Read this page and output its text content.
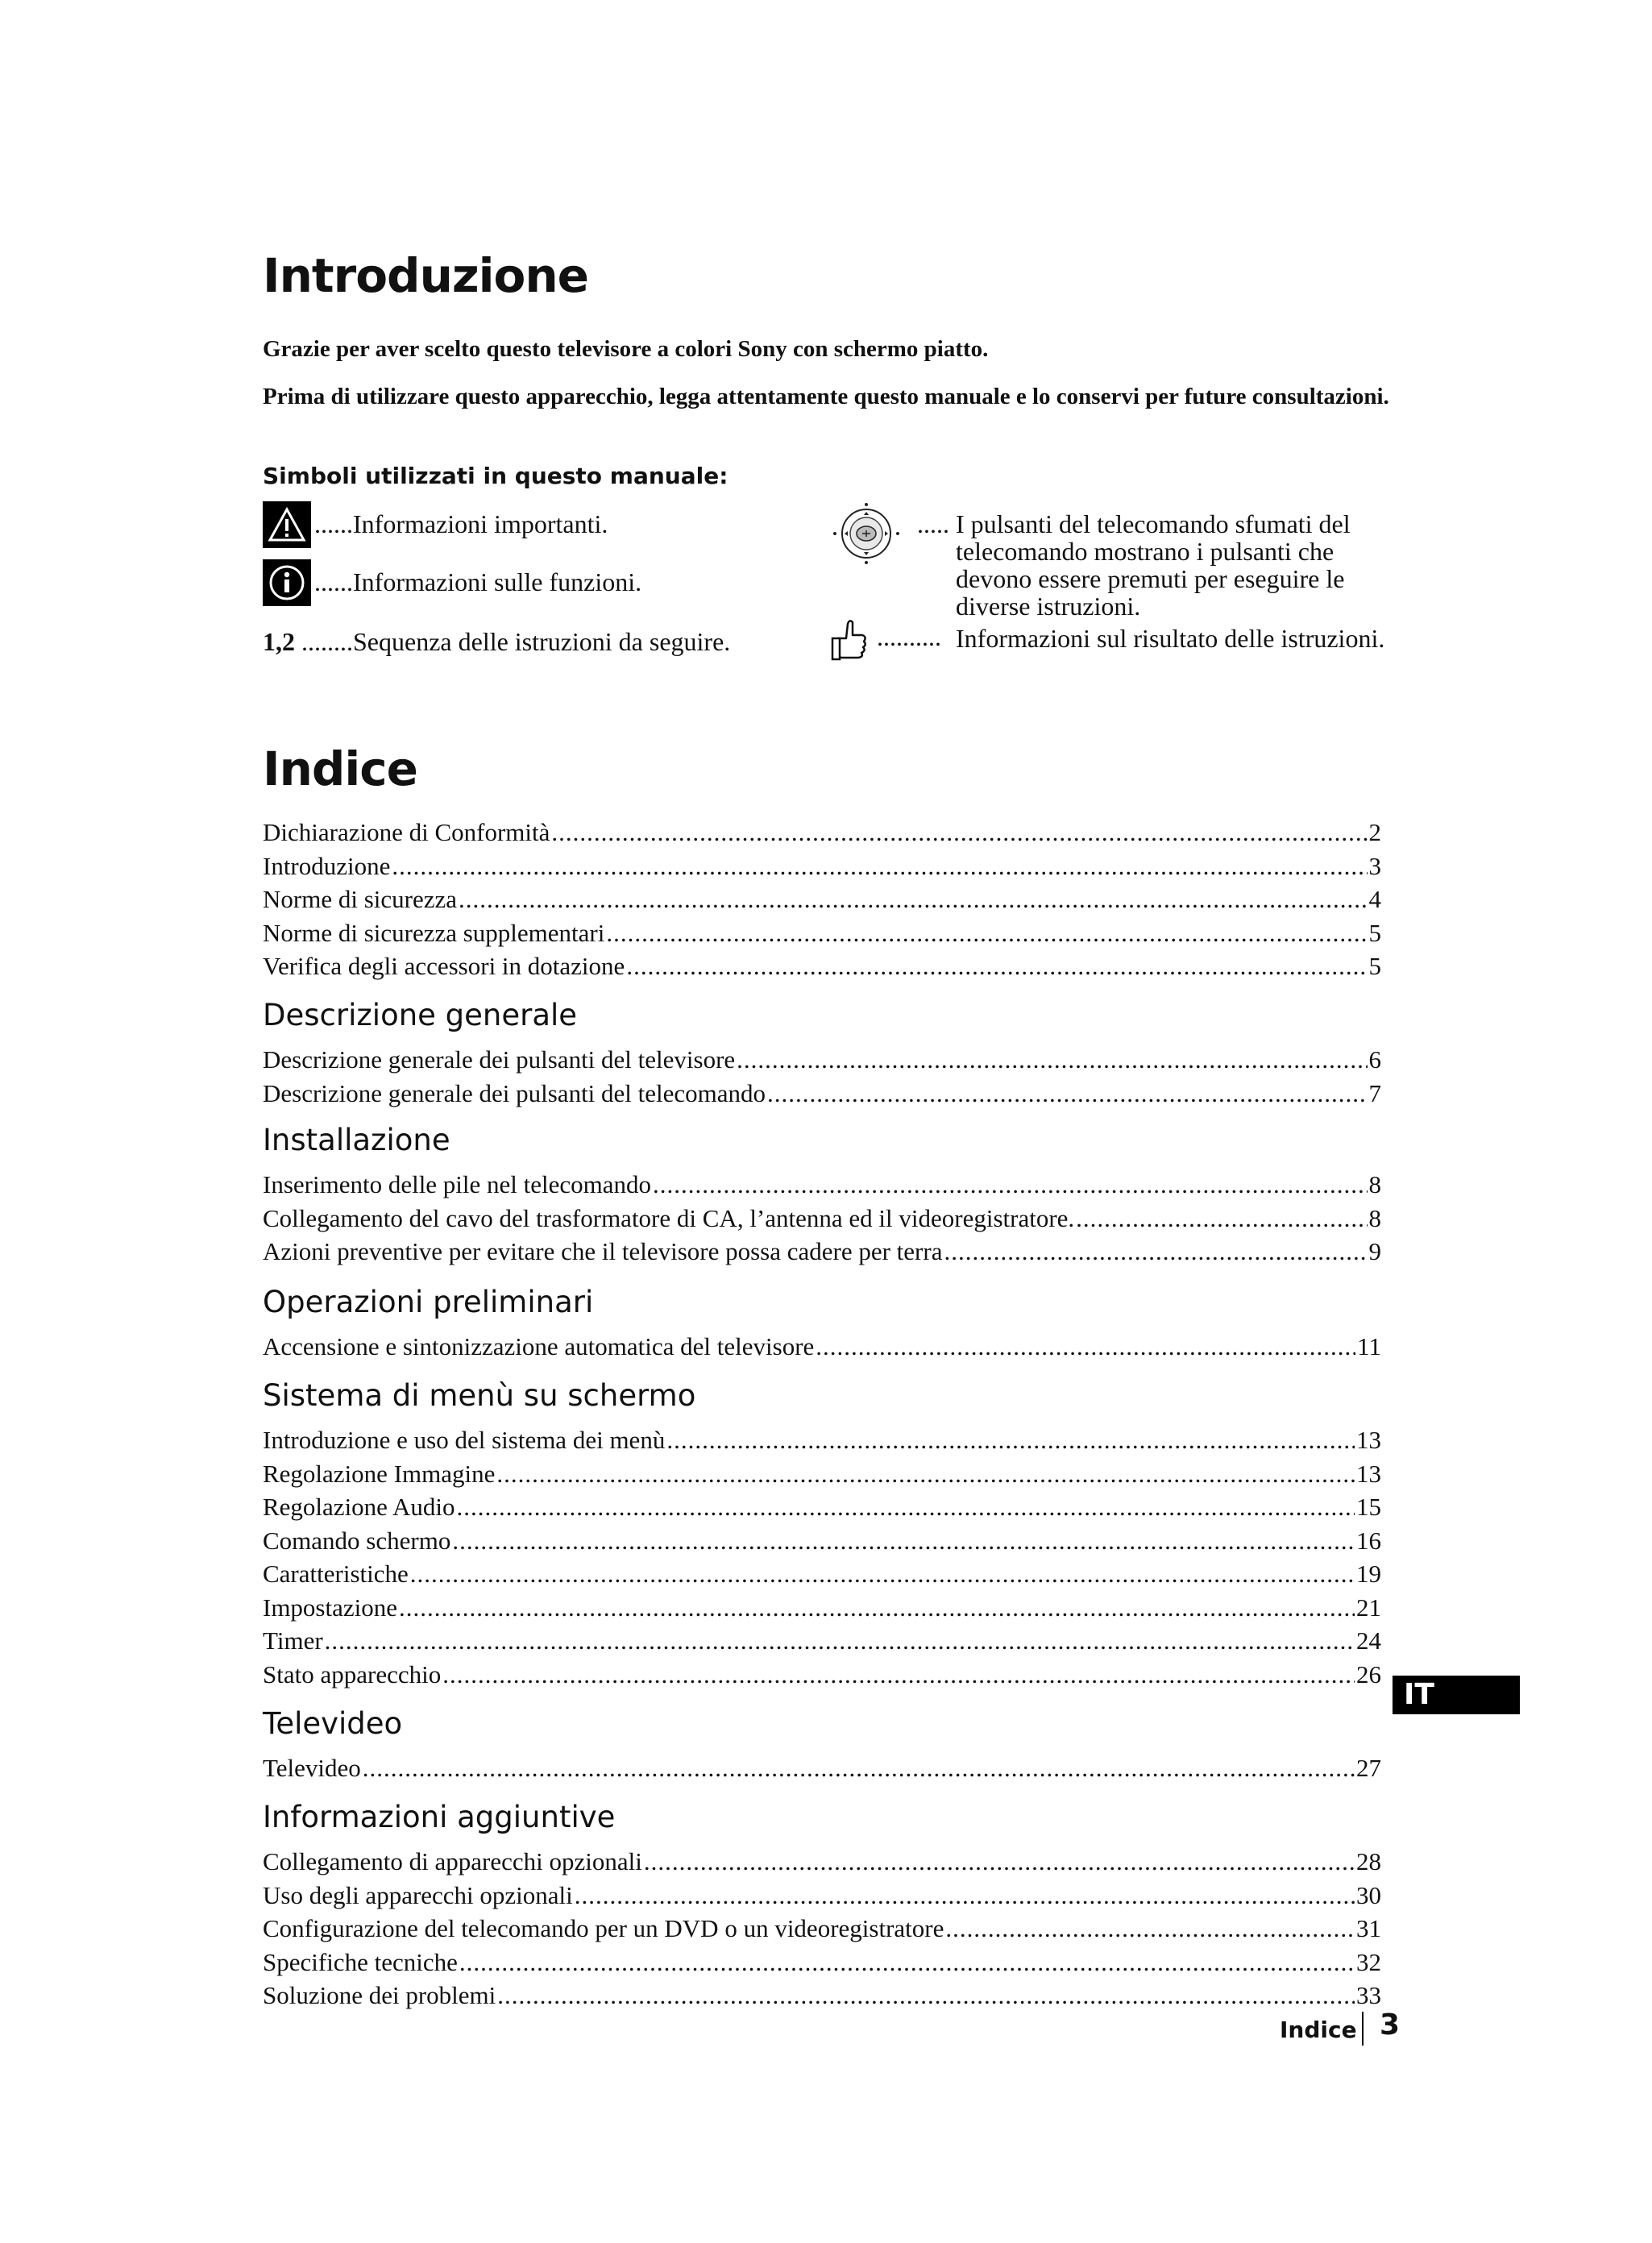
Introduzione

Grazie per aver scelto questo televisore a colori Sony con schermo piatto.

Prima di utilizzare questo apparecchio, legga attentamente questo manuale e lo conservi per future consultazioni.

Simboli utilizzati in questo manuale:
......Informazioni importanti.
......Informazioni sulle funzioni.
1,2 ........Sequenza delle istruzioni da seguire.
..... I pulsanti del telecomando sfumati del telecomando mostrano i pulsanti che devono essere premuti per eseguire le diverse istruzioni.
.......... Informazioni sul risultato delle istruzioni.
Indice
Dichiarazione di Conformità .....	2
Introduzione .....	3
Norme di sicurezza .....	4
Norme di sicurezza supplementari .....	5
Verifica degli accessori in dotazione .....	5
Descrizione generale
Descrizione generale dei pulsanti del televisore .....	6
Descrizione generale dei pulsanti del telecomando .....	7
Installazione
Inserimento delle pile nel telecomando .....	8
Collegamento del cavo del trasformatore di CA, l’antenna ed il videoregistratore. .....	8
Azioni preventive per evitare che il televisore possa cadere per terra .....	9
Operazioni preliminari
Accensione e sintonizzazione automatica del televisore .....	11
Sistema di menù su schermo
Introduzione e uso del sistema dei menù .....	13
Regolazione Immagine .....	13
Regolazione Audio .....	15
Comando schermo .....	16
Caratteristiche .....	19
Impostazione .....	21
Timer .....	24
Stato apparecchio .....	26
Televideo
Televideo .....	27
Informazioni aggiuntive
Collegamento di apparecchi opzionali .....	28
Uso degli apparecchi opzionali .....	30
Configurazione del telecomando per un DVD o un videoregistratore .....	31
Specifiche tecniche .....	32
Soluzione dei problemi .....	33
IT
Indice 3
